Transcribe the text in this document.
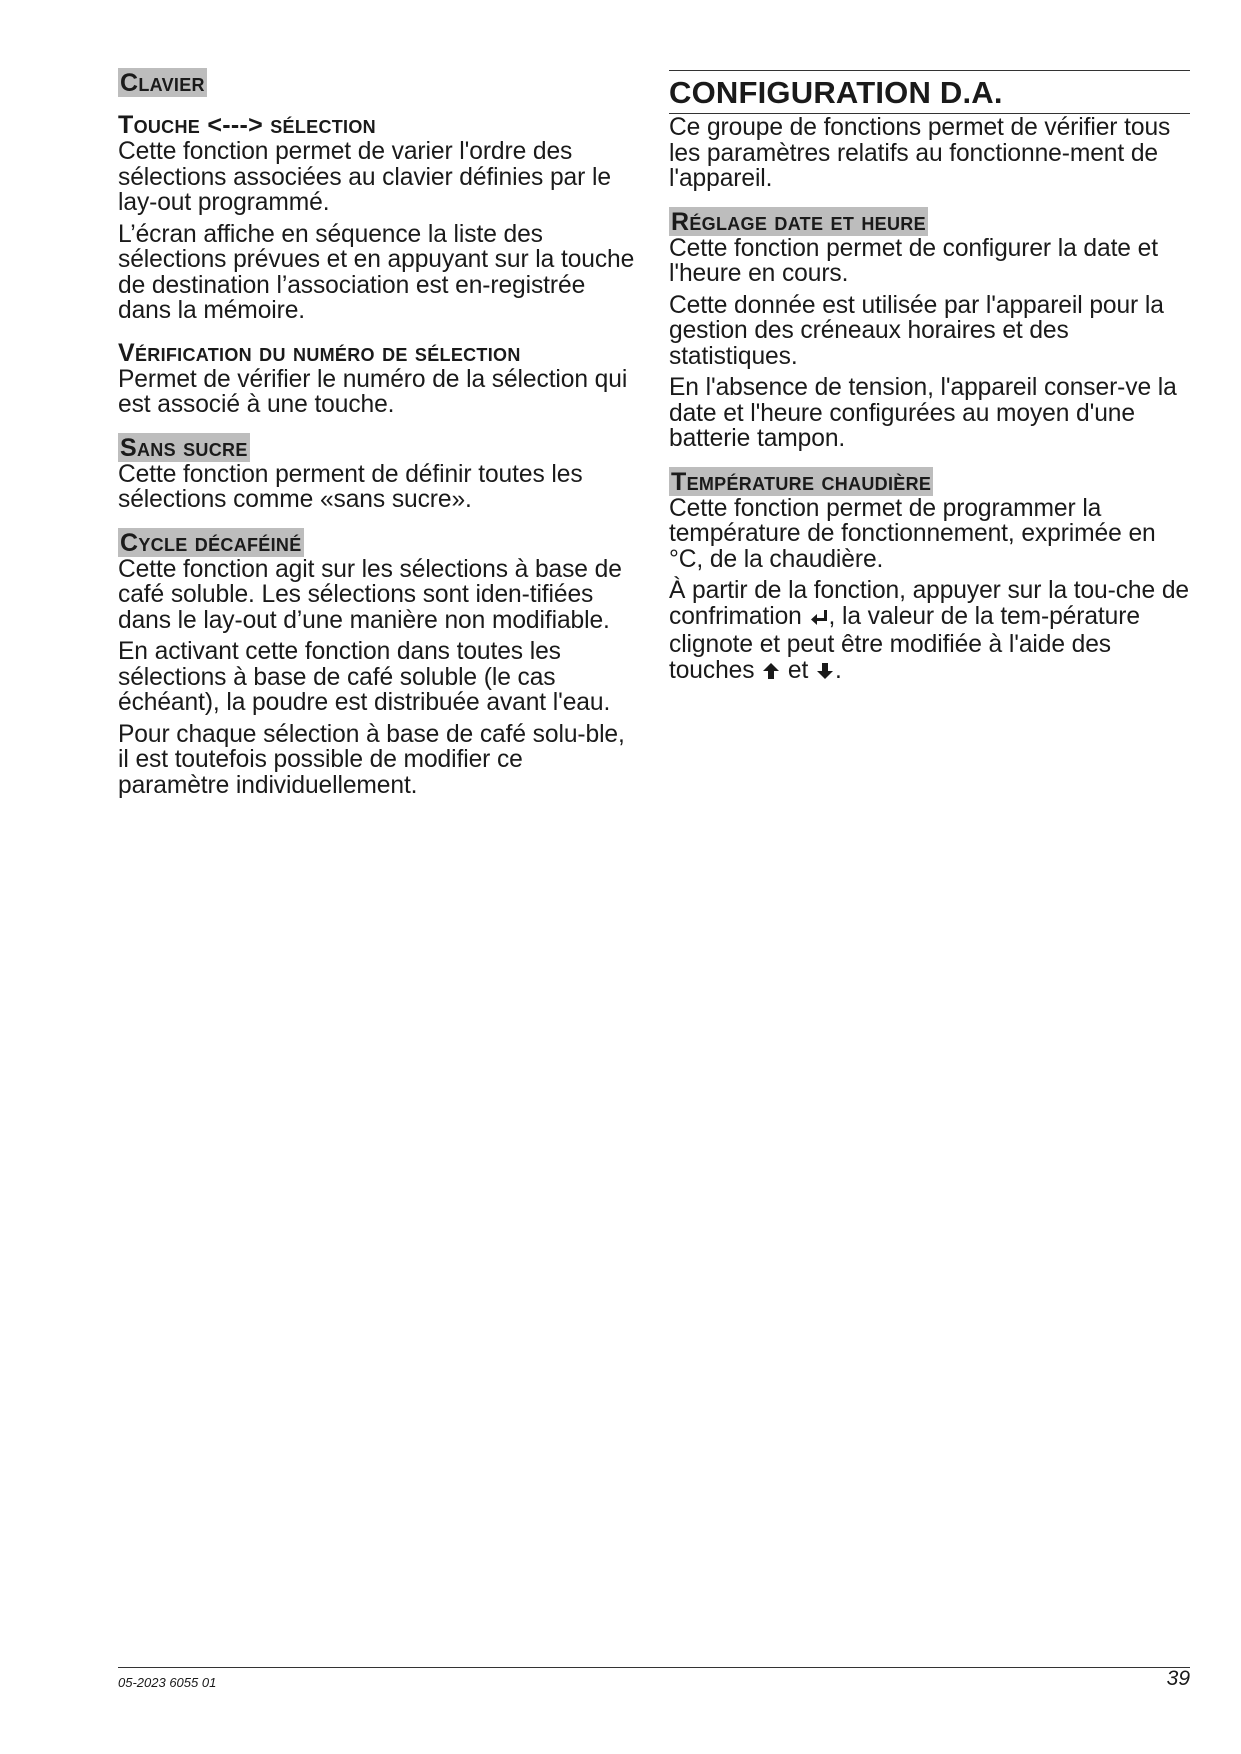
Clavier
Touche <---> sélection

Cette fonction permet de varier l'ordre des sélections associées au clavier définies par le lay-out programmé.

L’écran affiche en séquence la liste des sélections prévues et en appuyant sur la touche de destination l’association est en-registrée dans la mémoire.

Vérification du numéro de sélection

Permet de vérifier le numéro de la sélection qui est associé à une touche.

Sans sucre

Cette fonction perment de définir toutes les sélections comme «sans sucre».

Cycle décaféiné

Cette fonction agit sur les sélections à base de café soluble. Les sélections sont iden-tifiées dans le lay-out d’une manière non modifiable.

En activant cette fonction dans toutes les sélections à base de café soluble (le cas échéant), la poudre est distribuée avant l'eau.

Pour chaque sélection à base de café solu-ble, il est toutefois possible de modifier ce paramètre individuellement.

CONFIGURATION D.A.

Ce groupe de fonctions permet de vérifier tous les paramètres relatifs au fonctionne-ment de l'appareil.

Réglage date et heure

Cette fonction permet de configurer la date et l'heure en cours.

Cette donnée est utilisée par l'appareil pour la gestion des créneaux horaires et des statistiques.

En l'absence de tension, l'appareil conser-ve la date et l'heure configurées au moyen d'une batterie tampon.

Température chaudière

Cette fonction permet de programmer la température de fonctionnement, exprimée en °C, de la chaudière.

À partir de la fonction, appuyer sur la tou-che de confrimation , la valeur de la tem-pérature clignote et peut être modifiée à l'aide des touches  et .

05-2023 6055 01	39
